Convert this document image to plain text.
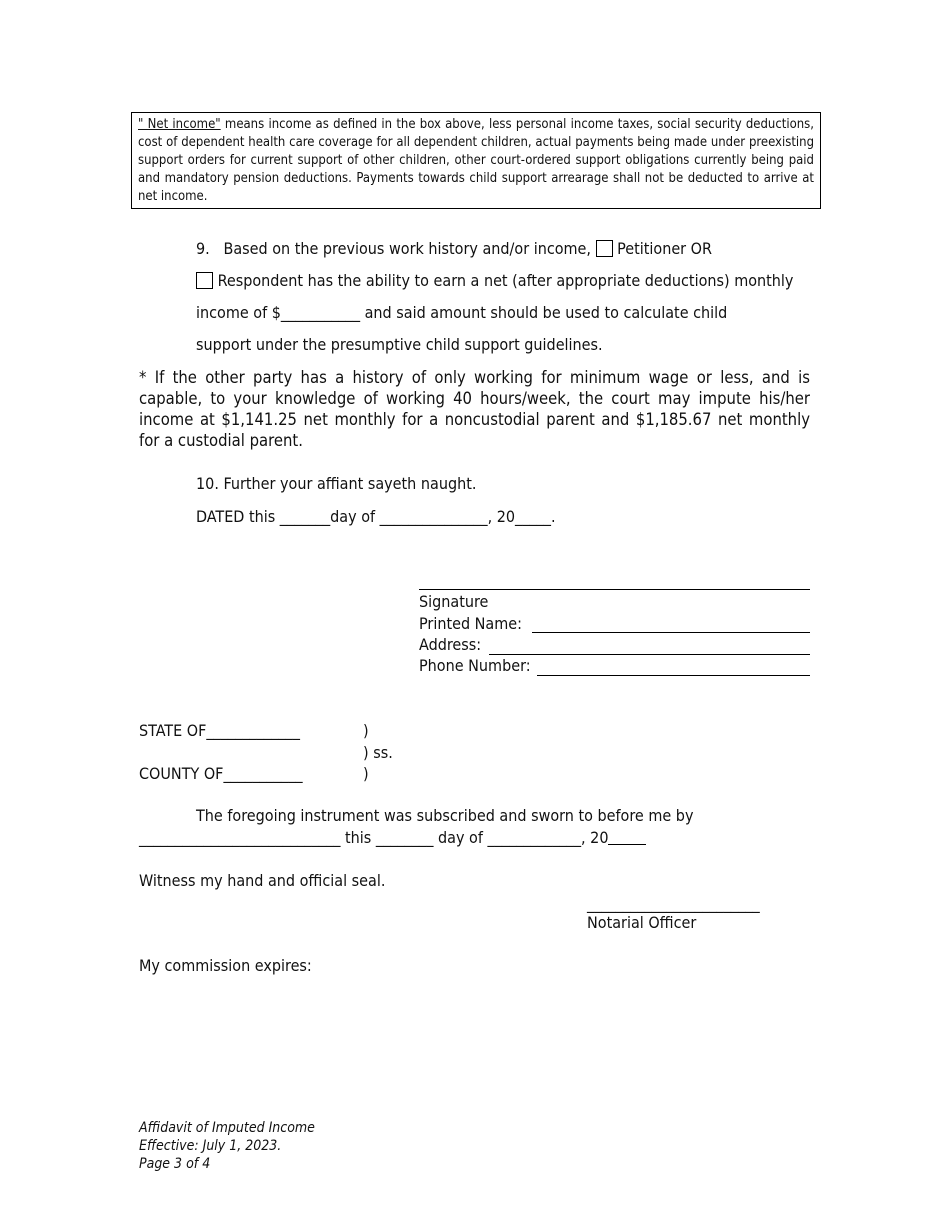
" Net income" means income as defined in the box above, less personal income taxes, social security deductions, cost of dependent health care coverage for all dependent children, actual payments being made under preexisting support orders for current support of other children, other court-ordered support obligations currently being paid and mandatory pension deductions. Payments towards child support arrearage shall not be deducted to arrive at net income.
9. Based on the previous work history and/or income, Petitioner OR
Respondent has the ability to earn a net (after appropriate deductions) monthly
income of $___________ and said amount should be used to calculate child
support under the presumptive child support guidelines.
* If the other party has a history of only working for minimum wage or less, and is capable, to your knowledge of working 40 hours/week, the court may impute his/her income at $1,141.25 net monthly for a noncustodial parent and $1,185.67 net monthly for a custodial parent.
10. Further your affiant sayeth naught.
DATED this _______day of _______________, 20_____.
Signature
Printed Name:
Address:
Phone Number:
STATE OF_____________	)
) ss.
COUNTY OF___________	)
The foregoing instrument was subscribed and sworn to before me by
____________________________ this ________ day of _____________, 20
Witness my hand and official seal.
________________________
Notarial Officer
My commission expires:
Affidavit of Imputed Income
Effective: July 1, 2023.
Page 3 of 4
